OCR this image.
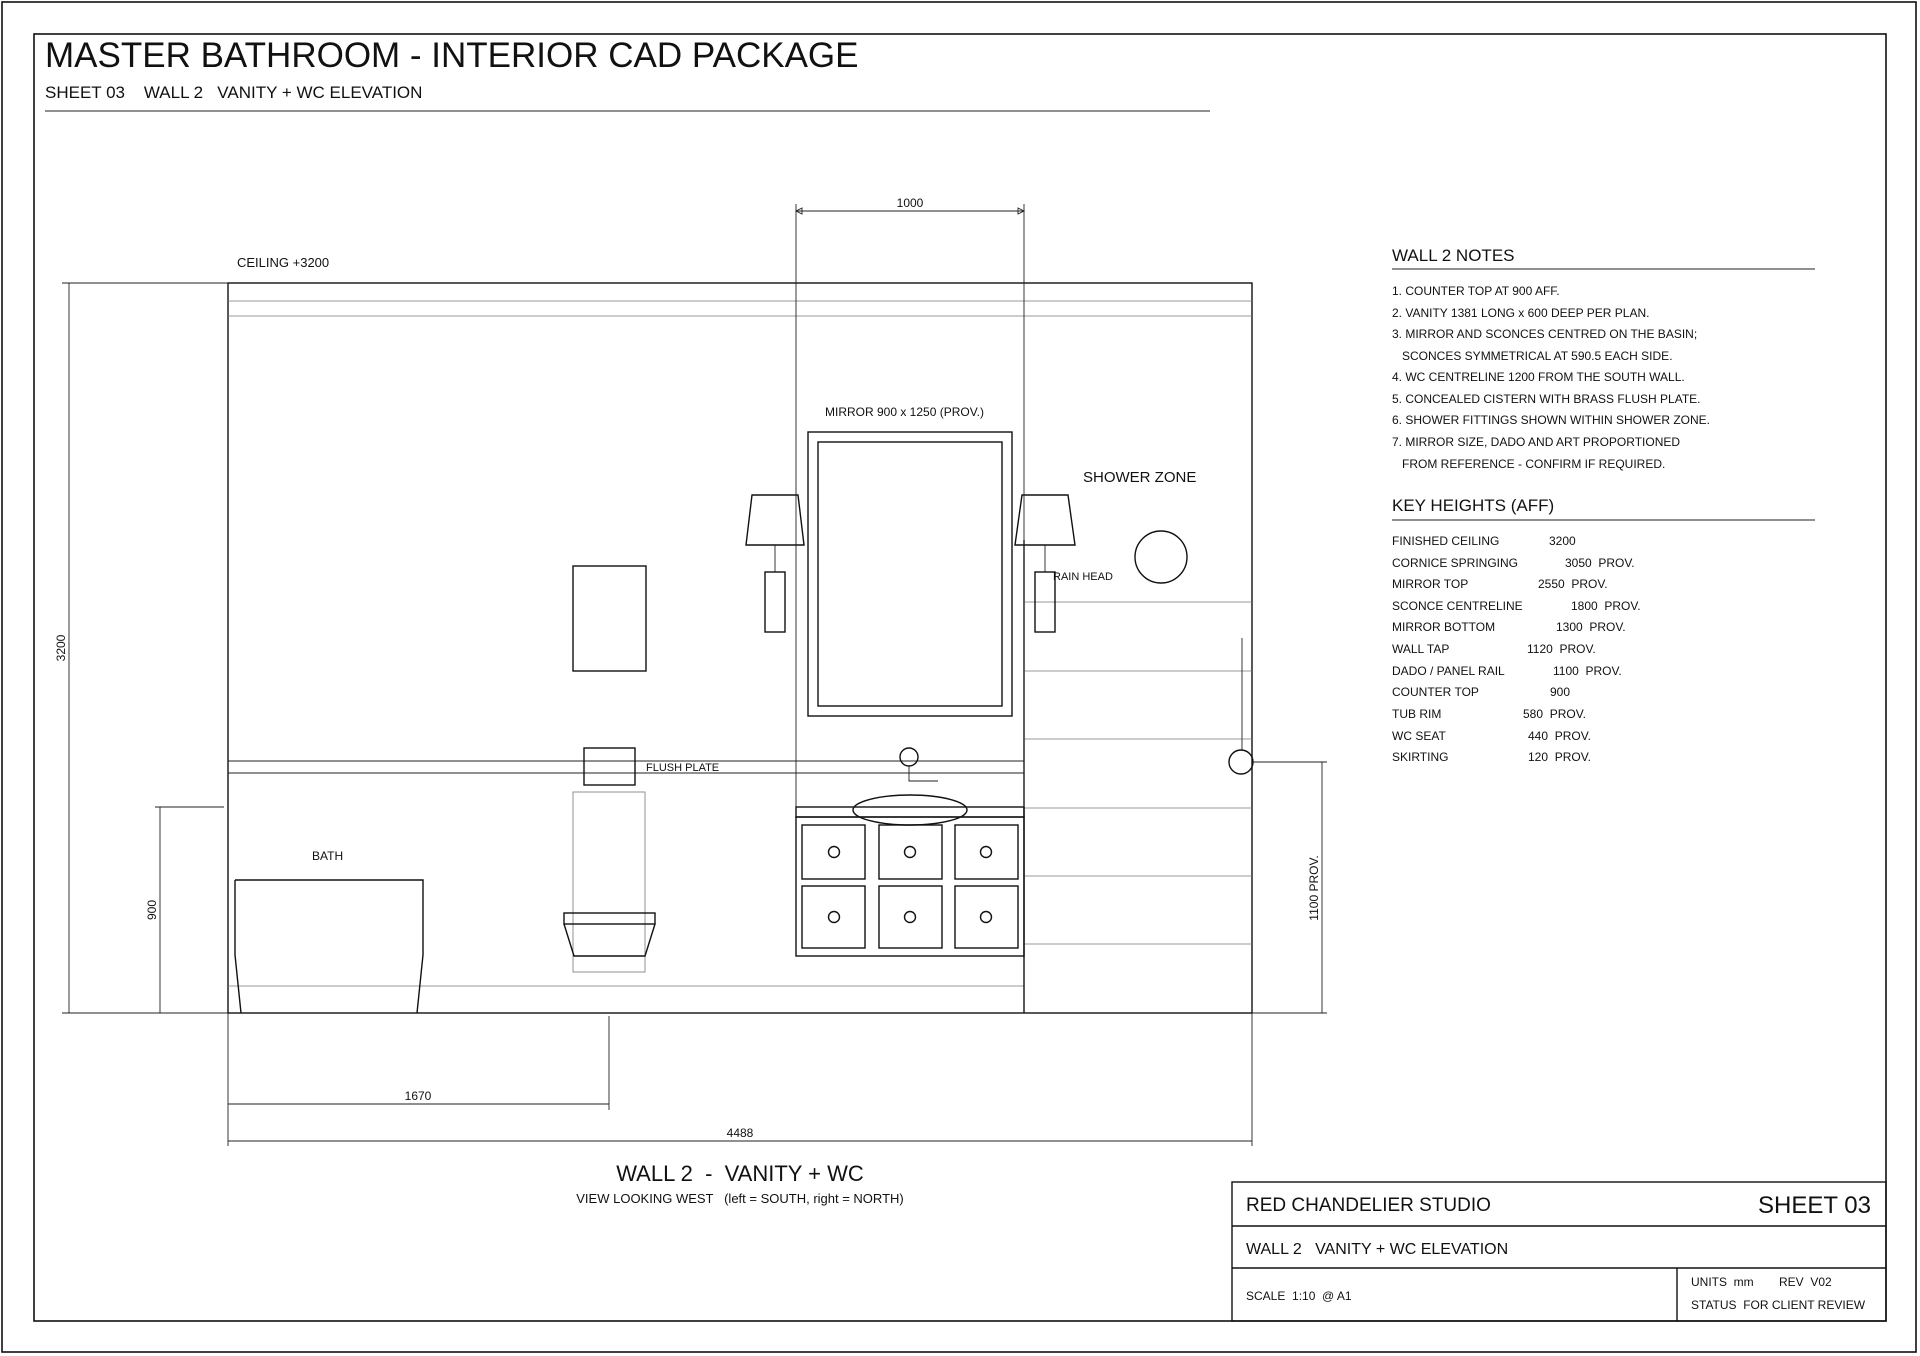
MASTER BATHROOM - INTERIOR CAD PACKAGE
SHEET 03    WALL 2   VANITY + WC ELEVATION
CEILING +3200
MIRROR 900 x 1250 (PROV.)
SHOWER ZONE
RAIN HEAD
FLUSH PLATE
BATH
1000
3200
900	1100 PROV.
1670
4488
WALL 2  -  VANITY + WC
VIEW LOOKING WEST   (left = SOUTH, right = NORTH)
WALL 2 NOTES
1. COUNTER TOP AT 900 AFF.
2. VANITY 1381 LONG x 600 DEEP PER PLAN.
3. MIRROR AND SCONCES CENTRED ON THE BASIN;
SCONCES SYMMETRICAL AT 590.5 EACH SIDE.
4. WC CENTRELINE 1200 FROM THE SOUTH WALL.
5. CONCEALED CISTERN WITH BRASS FLUSH PLATE.
6. SHOWER FITTINGS SHOWN WITHIN SHOWER ZONE.
7. MIRROR SIZE, DADO AND ART PROPORTIONED
FROM REFERENCE - CONFIRM IF REQUIRED.
KEY HEIGHTS (AFF)
FINISHED CEILING	3200
CORNICE SPRINGING	3050  PROV.
MIRROR TOP	2550  PROV.
SCONCE CENTRELINE	1800  PROV.
MIRROR BOTTOM	1300  PROV.
WALL TAP	1120  PROV.
DADO / PANEL RAIL	1100  PROV.
COUNTER TOP	900
TUB RIM	580  PROV.
WC SEAT	440  PROV.
SKIRTING	120  PROV.
RED CHANDELIER STUDIO	SHEET 03
WALL 2   VANITY + WC ELEVATION
SCALE  1:10  @ A1
UNITS  mm REV  V02
STATUS  FOR CLIENT REVIEW
